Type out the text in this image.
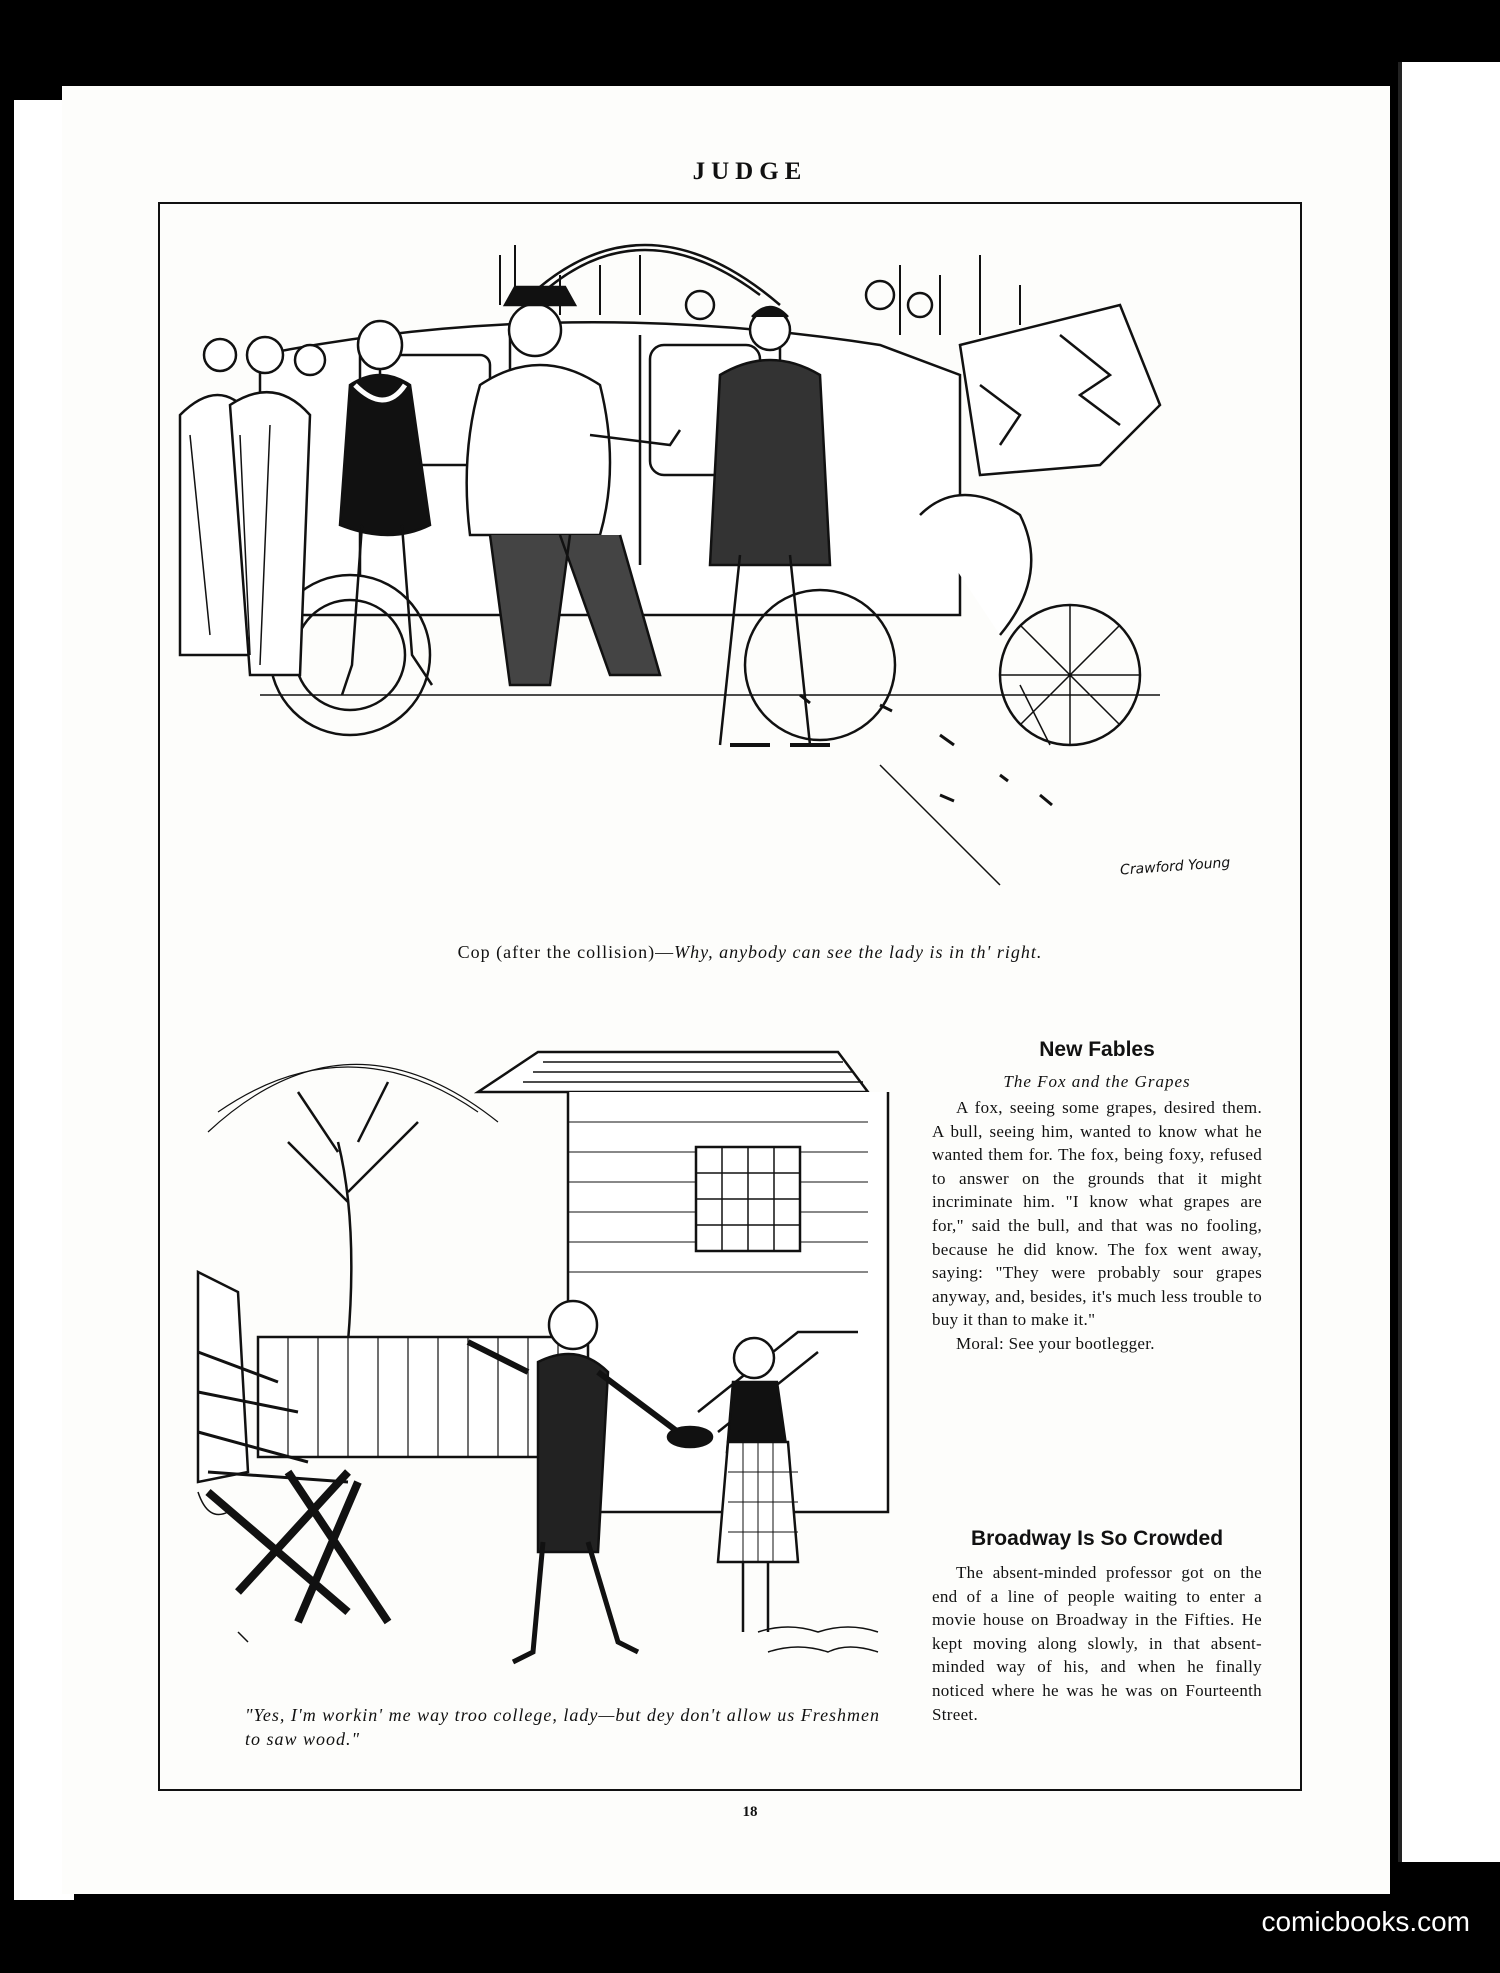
JUDGE
Crawford Young
Cop (after the collision)—Why, anybody can see the lady is in th' right.
"Yes, I'm workin' me way troo college, lady—but dey don't allow us Freshmen to saw wood."
New Fables
The Fox and the Grapes

A fox, seeing some grapes, desired them. A bull, seeing him, wanted to know what he wanted them for. The fox, being foxy, refused to answer on the grounds that it might incriminate him. "I know what grapes are for," said the bull, and that was no fooling, because he did know. The fox went away, saying: "They were probably sour grapes anyway, and, besides, it's much less trouble to buy it than to make it."

Moral: See your bootlegger.

Broadway Is So Crowded

The absent-minded professor got on the end of a line of people waiting to enter a movie house on Broadway in the Fifties. He kept moving along slowly, in that absent-minded way of his, and when he finally noticed where he was he was on Fourteenth Street.

18
comicbooks.com
